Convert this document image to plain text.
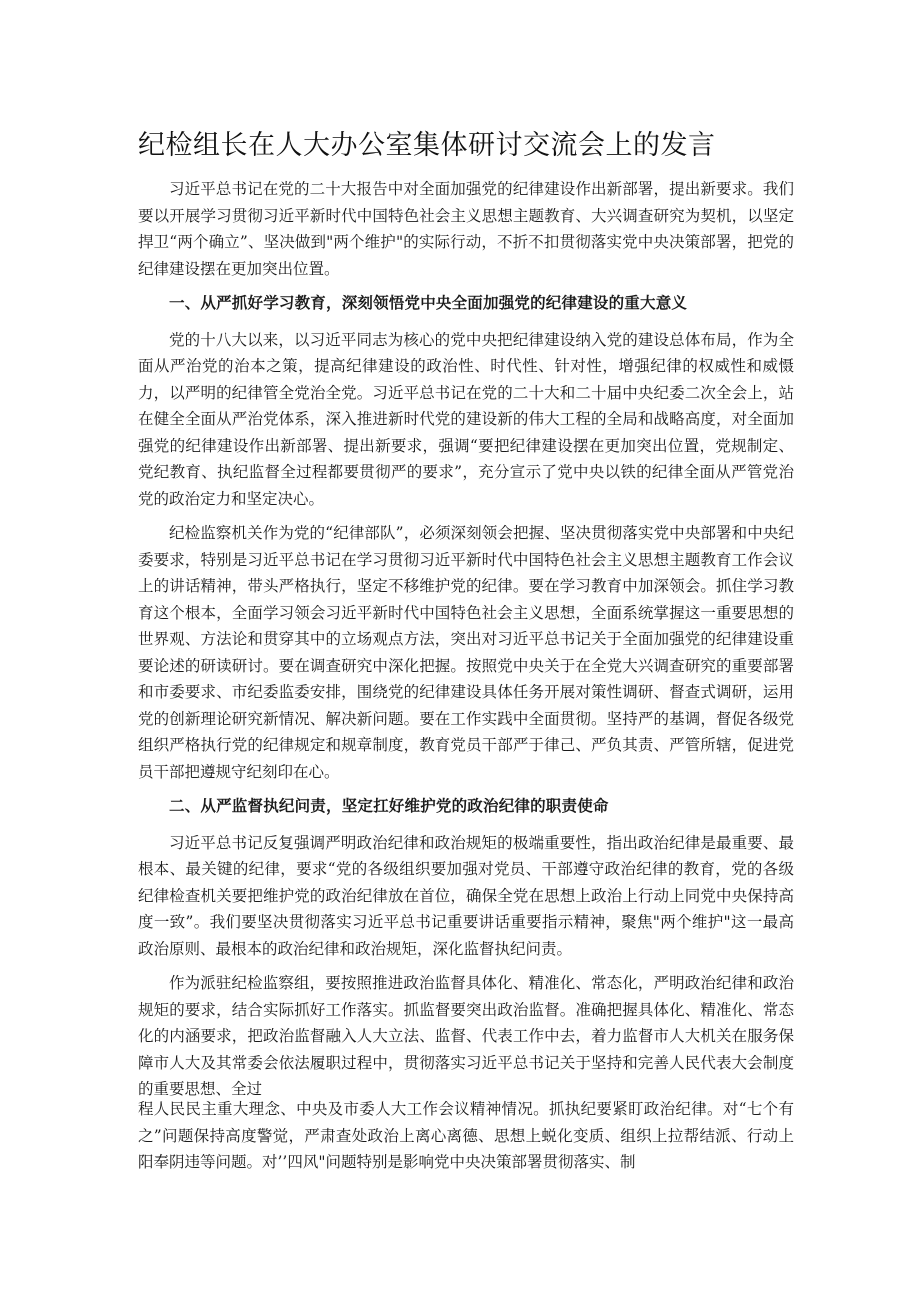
纪检组长在人大办公室集体研讨交流会上的发言

习近平总书记在党的二十大报告中对全面加强党的纪律建设作出新部署，提出新要求。我们要以开展学习贯彻习近平新时代中国特色社会主义思想主题教育、大兴调查研究为契机，以坚定捍卫“两个确立”、坚决做到"两个维护"的实际行动，不折不扣贯彻落实党中央决策部署，把党的纪律建设摆在更加突出位置。

一、从严抓好学习教育，深刻领悟党中央全面加强党的纪律建设的重大意义

党的十八大以来，以习近平同志为核心的党中央把纪律建设纳入党的建设总体布局，作为全面从严治党的治本之策，提高纪律建设的政治性、时代性、针对性，增强纪律的权威性和威慑力，以严明的纪律管全党治全党。习近平总书记在党的二十大和二十届中央纪委二次全会上，站在健全全面从严治党体系，深入推进新时代党的建设新的伟大工程的全局和战略高度，对全面加强党的纪律建设作出新部署、提出新要求，强调“要把纪律建设摆在更加突出位置，党规制定、党纪教育、执纪监督全过程都要贯彻严的要求”，充分宣示了党中央以铁的纪律全面从严管党治党的政治定力和坚定决心。

纪检监察机关作为党的“纪律部队”，必须深刻领会把握、坚决贯彻落实党中央部署和中央纪委要求，特别是习近平总书记在学习贯彻习近平新时代中国特色社会主义思想主题教育工作会议上的讲话精神，带头严格执行，坚定不移维护党的纪律。要在学习教育中加深领会。抓住学习教育这个根本，全面学习领会习近平新时代中国特色社会主义思想，全面系统掌握这一重要思想的世界观、方法论和贯穿其中的立场观点方法，突出对习近平总书记关于全面加强党的纪律建设重要论述的研读研讨。要在调查研究中深化把握。按照党中央关于在全党大兴调查研究的重要部署和市委要求、市纪委监委安排，围绕党的纪律建设具体任务开展对策性调研、督查式调研，运用党的创新理论研究新情况、解决新问题。要在工作实践中全面贯彻。坚持严的基调，督促各级党组织严格执行党的纪律规定和规章制度，教育党员干部严于律己、严负其责、严管所辖，促进党员干部把遵规守纪刻印在心。

二、从严监督执纪问责，坚定扛好维护党的政治纪律的职责使命

习近平总书记反复强调严明政治纪律和政治规矩的极端重要性，指出政治纪律是最重要、最根本、最关键的纪律，要求“党的各级组织要加强对党员、干部遵守政治纪律的教育，党的各级纪律检查机关要把维护党的政治纪律放在首位，确保全党在思想上政治上行动上同党中央保持高度一致”。我们要坚决贯彻落实习近平总书记重要讲话重要指示精神，聚焦"两个维护"这一最高政治原则、最根本的政治纪律和政治规矩，深化监督执纪问责。

作为派驻纪检监察组，要按照推进政治监督具体化、精准化、常态化，严明政治纪律和政治规矩的要求，结合实际抓好工作落实。抓监督要突出政治监督。准确把握具体化、精准化、常态化的内涵要求，把政治监督融入人大立法、监督、代表工作中去，着力监督市人大机关在服务保障市人大及其常委会依法履职过程中，贯彻落实习近平总书记关于坚持和完善人民代表大会制度的重要思想、全过

程人民民主重大理念、中央及市委人大工作会议精神情况。抓执纪要紧盯政治纪律。对“七个有之”问题保持高度警觉，严肃查处政治上离心离德、思想上蜕化变质、组织上拉帮结派、行动上阳奉阴违等问题。对’’四风"问题特别是影响党中央决策部署贯彻落实、制
